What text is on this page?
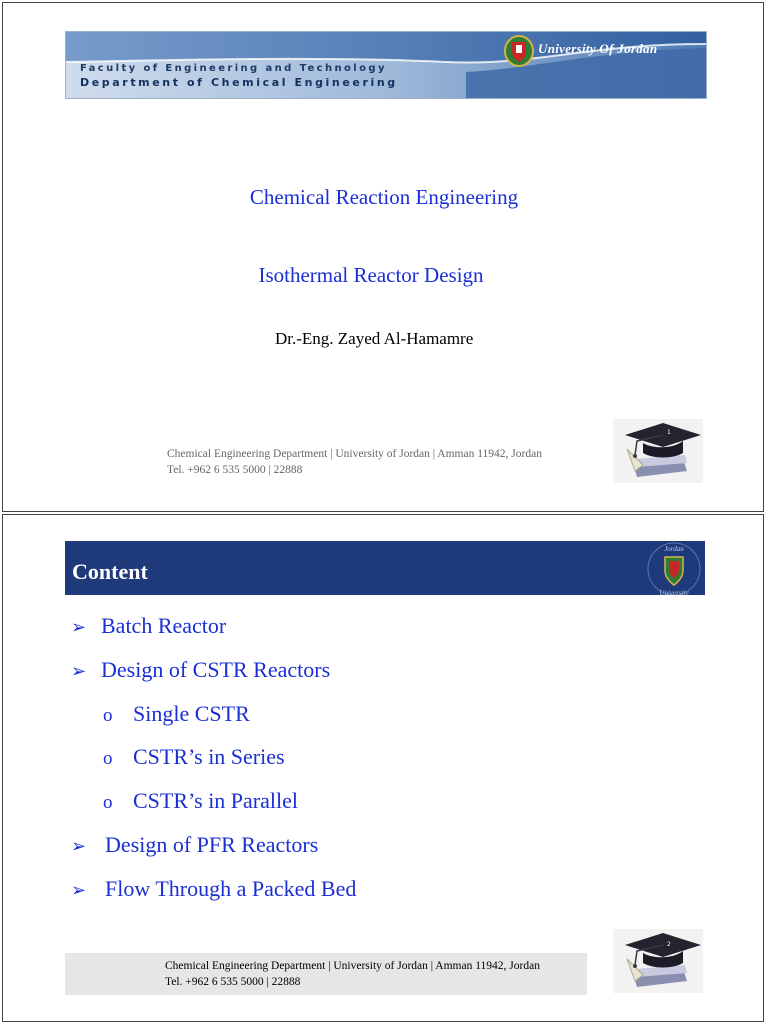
University Of Jordan
Faculty of Engineering and Technology
Department of Chemical Engineering
Chemical Reaction Engineering
Isothermal Reactor Design
Dr.-Eng. Zayed Al-Hamamre
Chemical Engineering Department | University of Jordan | Amman 11942, Jordan
Tel. +962 6 535 5000 | 22888
1
Content
Jordan
University
➢ Batch Reactor
➢ Design of CSTR Reactors
o Single CSTR
o CSTR’s in Series
o CSTR’s in Parallel
➢ Design of PFR Reactors
➢ Flow Through a Packed Bed
Chemical Engineering Department | University of Jordan | Amman 11942, Jordan
Tel. +962 6 535 5000 | 22888
2
